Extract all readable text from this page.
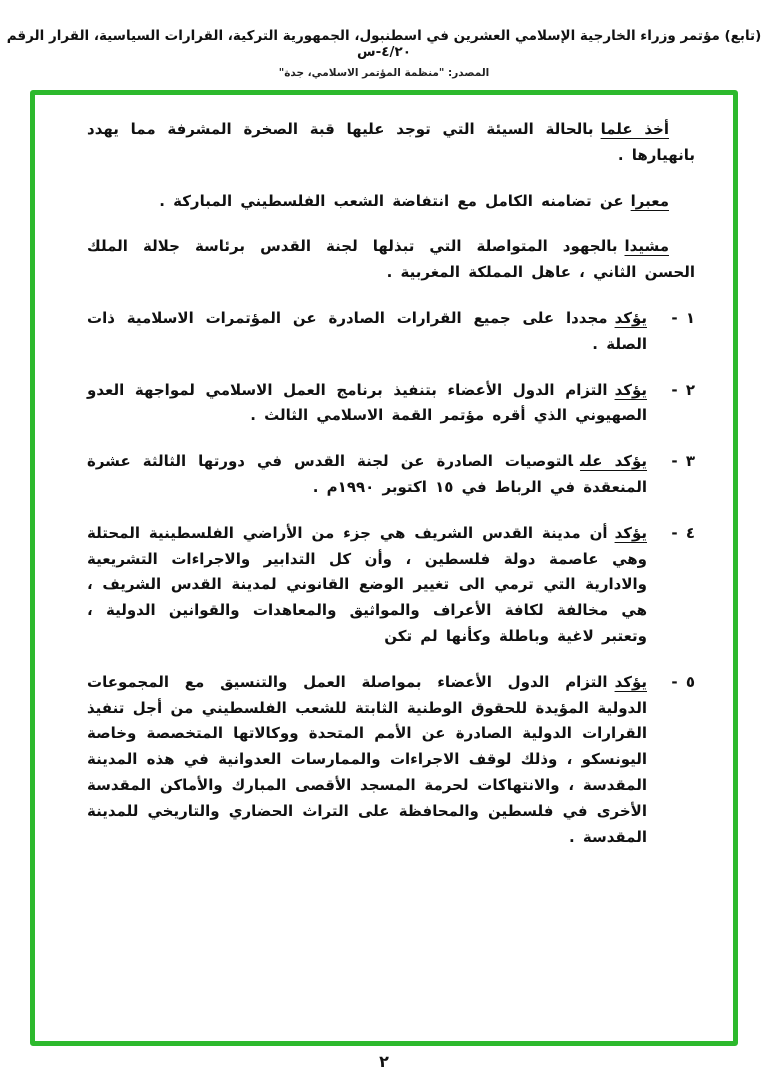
(تابع) مؤتمر وزراء الخارجية الإسلامي العشرين في اسطنبول، الجمهورية التركية، القرارات السياسية، القرار الرقم ٤/٢٠-س
المصدر: "منظمة المؤتمر الاسلامي، جدة"

أخذ علمابالحالة السيئة التي توجد عليها قبة الصخرة المشرفة مما يهدد بانهيارها .

معبراعن تضامنه الكامل مع انتفاضة الشعب الفلسطيني المباركة .

مشيدابالجهود المتواصلة التي تبذلها لجنة القدس برئاسة جلالة الملك الحسن الثاني ، عاهل المملكة المغربية .

١ -
يؤكدمجددا على جميع القرارات الصادرة عن المؤتمرات الاسلامية ذات الصلة .
٢ -
يؤكدالتزام الدول الأعضاء بتنفيذ برنامج العمل الاسلامي لمواجهة العدو الصهيوني الذي أقره مؤتمر القمة الاسلامي الثالث .
٣ -
يؤكد علىالتوصيات الصادرة عن لجنة القدس في دورتها الثالثة عشرة المنعقدة في الرباط في ١٥ اكتوبر ١٩٩٠م .
٤ -
يؤكدأن مدينة القدس الشريف هي جزء من الأراضي الفلسطينية المحتلة وهي عاصمة دولة فلسطين ، وأن كل التدابير والاجراءات التشريعية والادارية التي ترمي الى تغيير الوضع القانوني لمدينة القدس الشريف ، هي مخالفة لكافة الأعراف والمواثيق والمعاهدات والقوانين الدولية ، وتعتبر لاغية وباطلة وكأنها لم تكن
٥ -
يؤكدالتزام الدول الأعضاء بمواصلة العمل والتنسيق مع المجموعات الدولية المؤيدة للحقوق الوطنية الثابتة للشعب الفلسطيني من أجل تنفيذ القرارات الدولية الصادرة عن الأمم المتحدة ووكالاتها المتخصصة وخاصة اليونسكو ، وذلك لوقف الاجراءات والممارسات العدوانية في هذه المدينة المقدسة ، والانتهاكات لحرمة المسجد الأقصى المبارك والأماكن المقدسة الأخرى في فلسطين والمحافظة على التراث الحضاري والتاريخي للمدينة المقدسة .
٢
